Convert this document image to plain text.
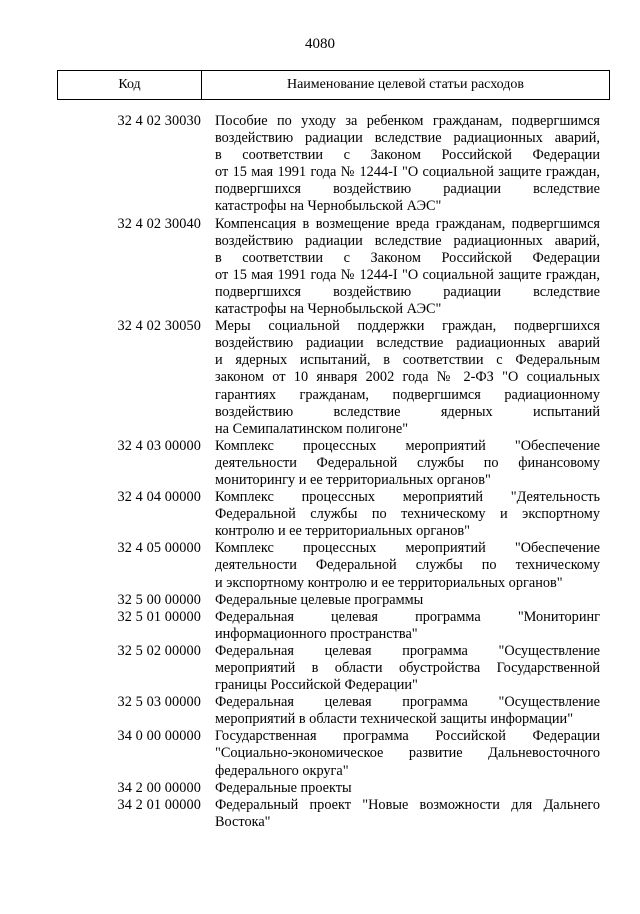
4080
Код	Наименование целевой статьи расходов
32 4 02 30030 Пособие по уходу за ребенком гражданам, подвергшимся
воздействию радиации вследствие радиационных аварий,
в соответствии с Законом Российской Федерации
от 15 мая 1991 года № 1244-I "О социальной защите граждан,
подвергшихся воздействию радиации вследствие
катастрофы на Чернобыльской АЭС"
32 4 02 30040 Компенсация в возмещение вреда гражданам, подвергшимся
воздействию радиации вследствие радиационных аварий,
в соответствии с Законом Российской Федерации
от 15 мая 1991 года № 1244-I "О социальной защите граждан,
подвергшихся воздействию радиации вследствие
катастрофы на Чернобыльской АЭС"
32 4 02 30050 Меры социальной поддержки граждан, подвергшихся
воздействию радиации вследствие радиационных аварий
и ядерных испытаний, в соответствии с Федеральным
законом от 10 января 2002 года № 2-ФЗ "О социальных
гарантиях гражданам, подвергшимся радиационному
воздействию вследствие ядерных испытаний
на Семипалатинском полигоне"
32 4 03 00000 Комплекс процессных мероприятий "Обеспечение
деятельности Федеральной службы по финансовому
мониторингу и ее территориальных органов"
32 4 04 00000 Комплекс процессных мероприятий "Деятельность
Федеральной службы по техническому и экспортному
контролю и ее территориальных органов"
32 4 05 00000 Комплекс процессных мероприятий "Обеспечение
деятельности Федеральной службы по техническому
и экспортному контролю и ее территориальных органов"
32 5 00 00000 Федеральные целевые программы
32 5 01 00000 Федеральная целевая программа "Мониторинг
информационного пространства"
32 5 02 00000 Федеральная целевая программа "Осуществление
мероприятий в области обустройства Государственной
границы Российской Федерации"
32 5 03 00000 Федеральная целевая программа "Осуществление
мероприятий в области технической защиты информации"
34 0 00 00000 Государственная программа Российской Федерации
"Социально-экономическое развитие Дальневосточного
федерального округа"
34 2 00 00000 Федеральные проекты
34 2 01 00000 Федеральный проект "Новые возможности для Дальнего
Востока"
